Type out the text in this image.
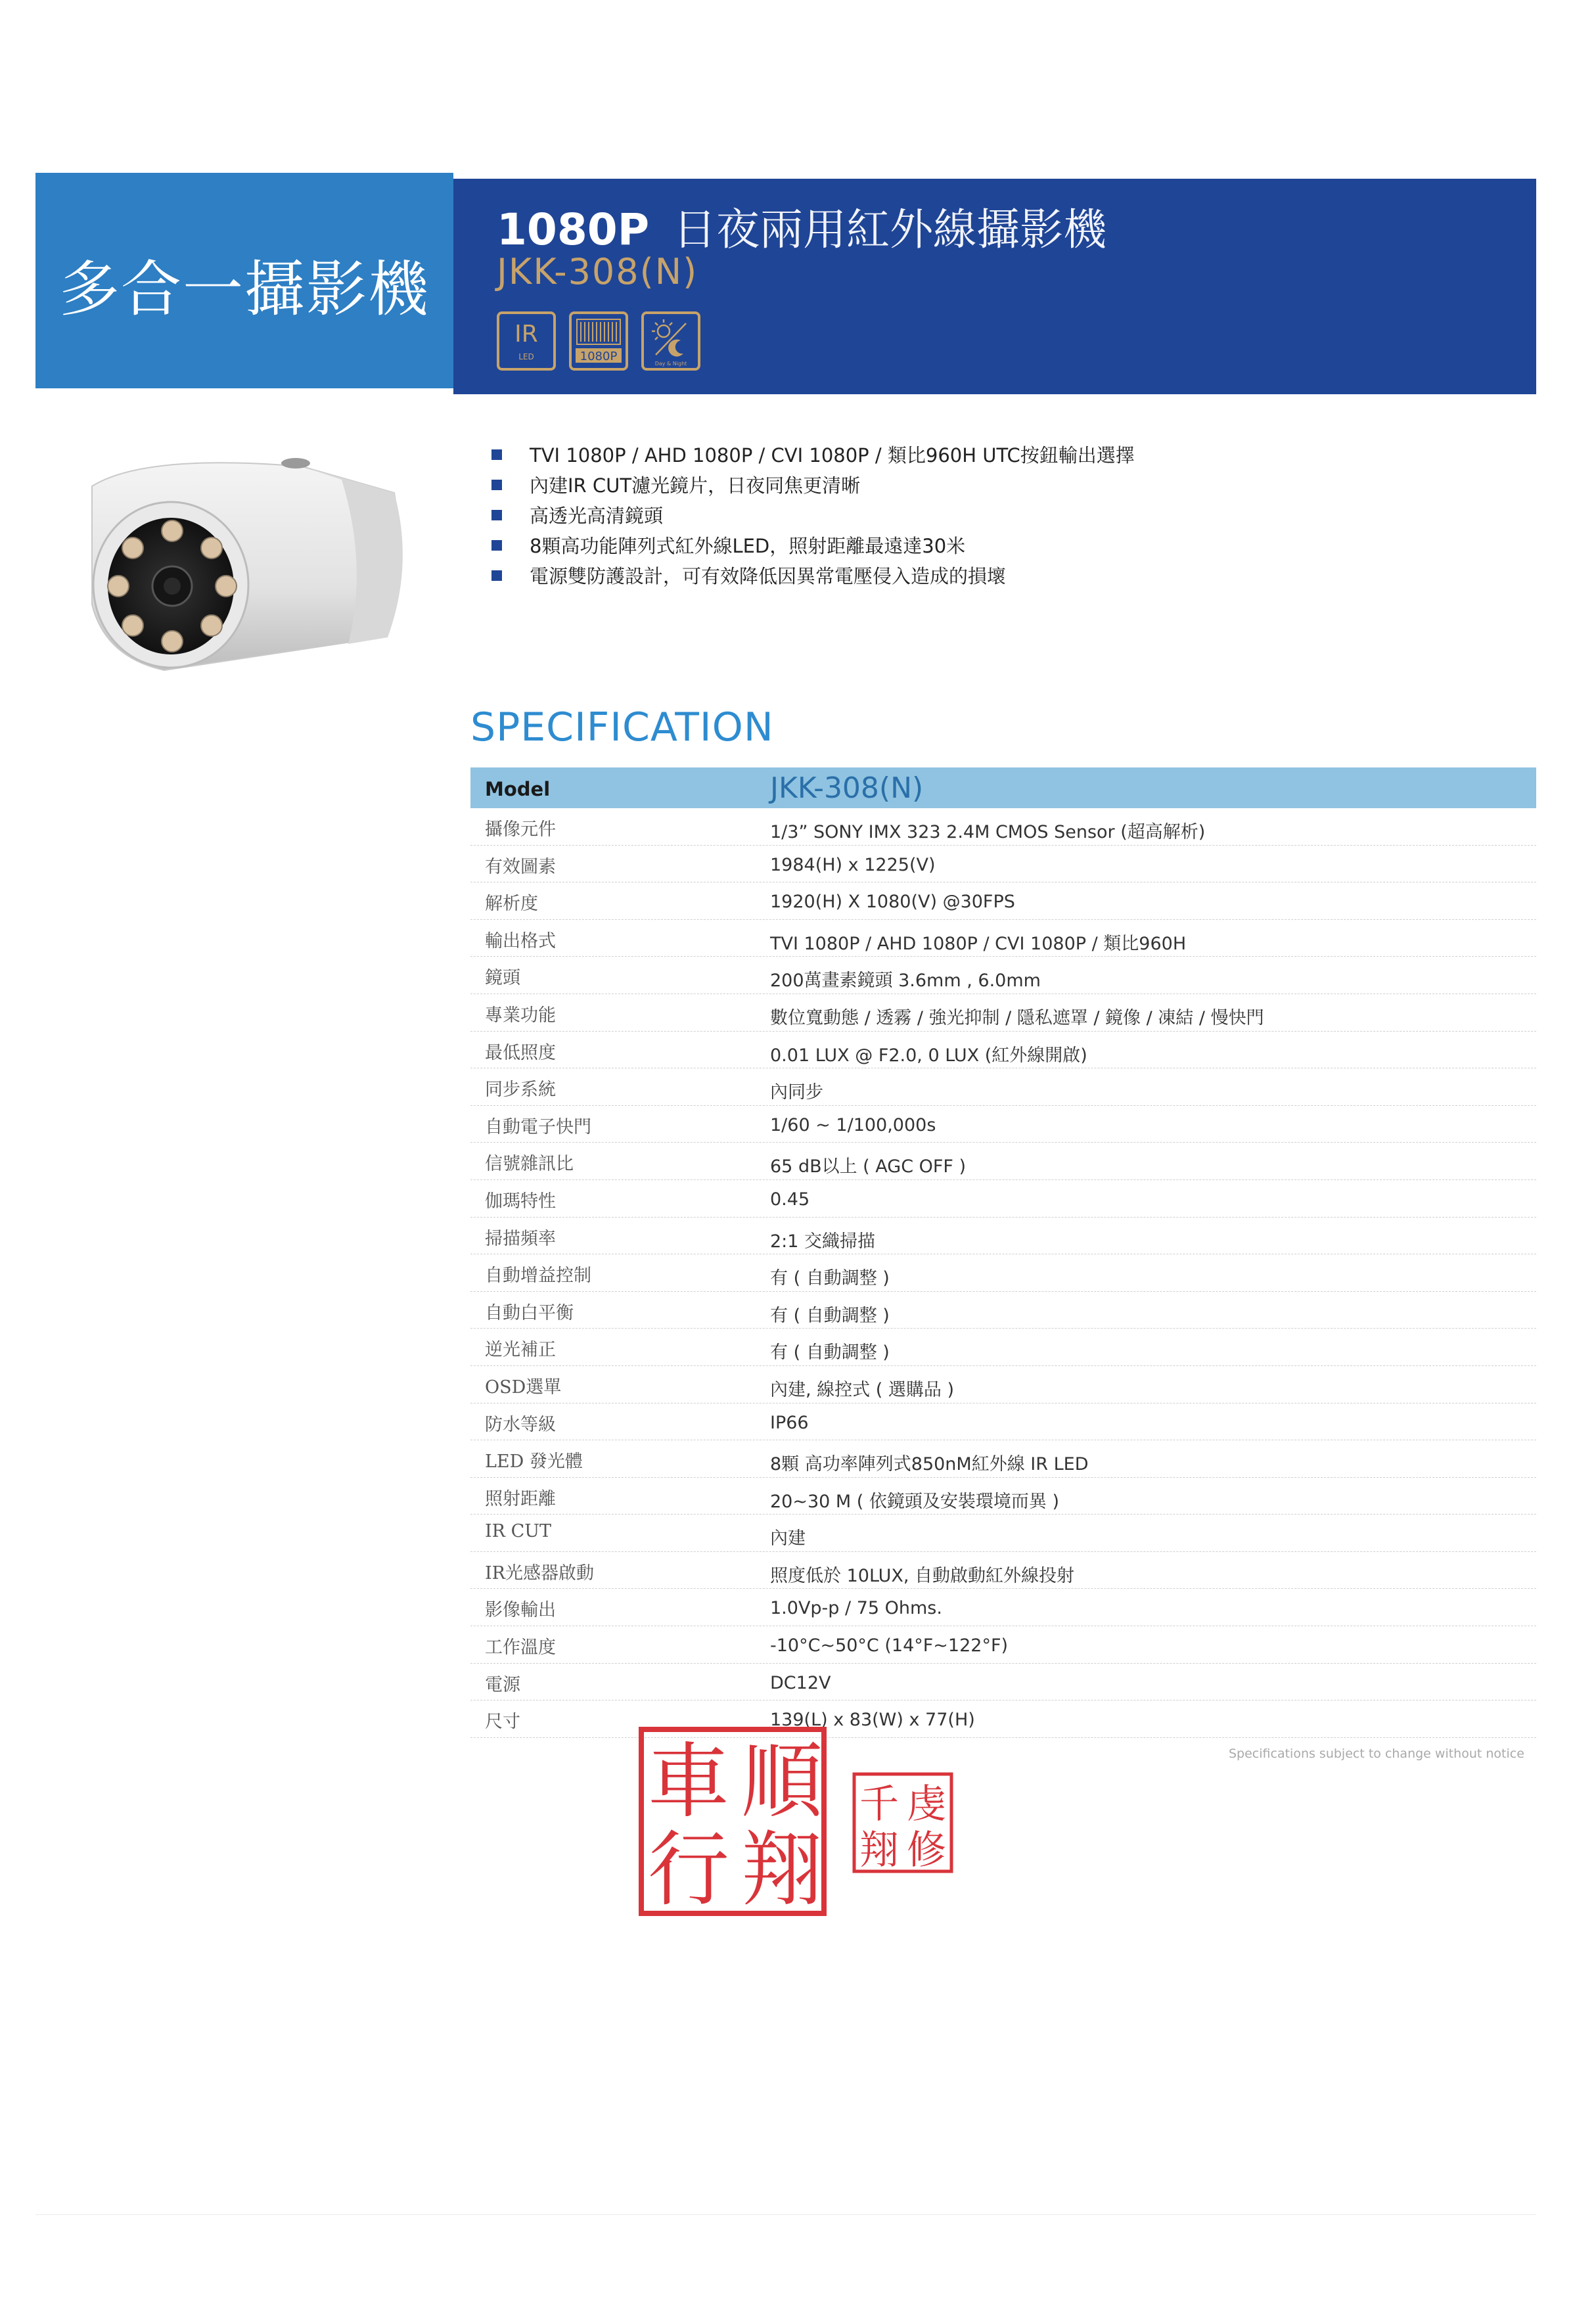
多合一攝影機
1080P 日夜兩用紅外線攝影機
JKK-308(N)
IR
LED	1080P
Day & Night
TVI 1080P / AHD 1080P / CVI 1080P / 類比960H UTC按鈕輸出選擇
內建IR CUT濾光鏡片，日夜同焦更清晰
高透光高清鏡頭
8顆高功能陣列式紅外線LED，照射距離最遠達30米
電源雙防護設計，可有效降低因異常電壓侵入造成的損壞
SPECIFICATION
Model	JKK-308(N)
攝像元件	1/3” SONY IMX 323 2.4M CMOS Sensor (超高解析)
有效圖素	1984(H) x 1225(V)
解析度	1920(H) X 1080(V) @30FPS
輸出格式	TVI 1080P / AHD 1080P / CVI 1080P / 類比960H
鏡頭	200萬畫素鏡頭 3.6mm , 6.0mm
專業功能	數位寬動態 / 透霧 / 強光抑制 / 隱私遮罩 / 鏡像 / 凍結 / 慢快門
最低照度	0.01 LUX @ F2.0, 0 LUX (紅外線開啟)
同步系統	內同步
自動電子快門	1/60 ~ 1/100,000s
信號雜訊比	65 dB以上 ( AGC OFF )
伽瑪特性	0.45
掃描頻率	2:1 交織掃描
自動增益控制	有 ( 自動調整 )
自動白平衡	有 ( 自動調整 )
逆光補正	有 ( 自動調整 )
OSD選單	內建, 線控式 ( 選購品 )
防水等級	IP66
LED 發光體	8顆 高功率陣列式850nM紅外線 IR LED
照射距離	20~30 M ( 依鏡頭及安裝環境而異 )
IR CUT	內建
IR光感器啟動	照度低於 10LUX, 自動啟動紅外線投射
影像輸出	1.0Vp-p / 75 Ohms.
工作溫度	-10°C~50°C (14°F~122°F)
電源	DC12V
尺寸	139(L) x 83(W) x 77(H)
Specifications subject to change without notice
順
車
行 翔
千 虔
翔 修
